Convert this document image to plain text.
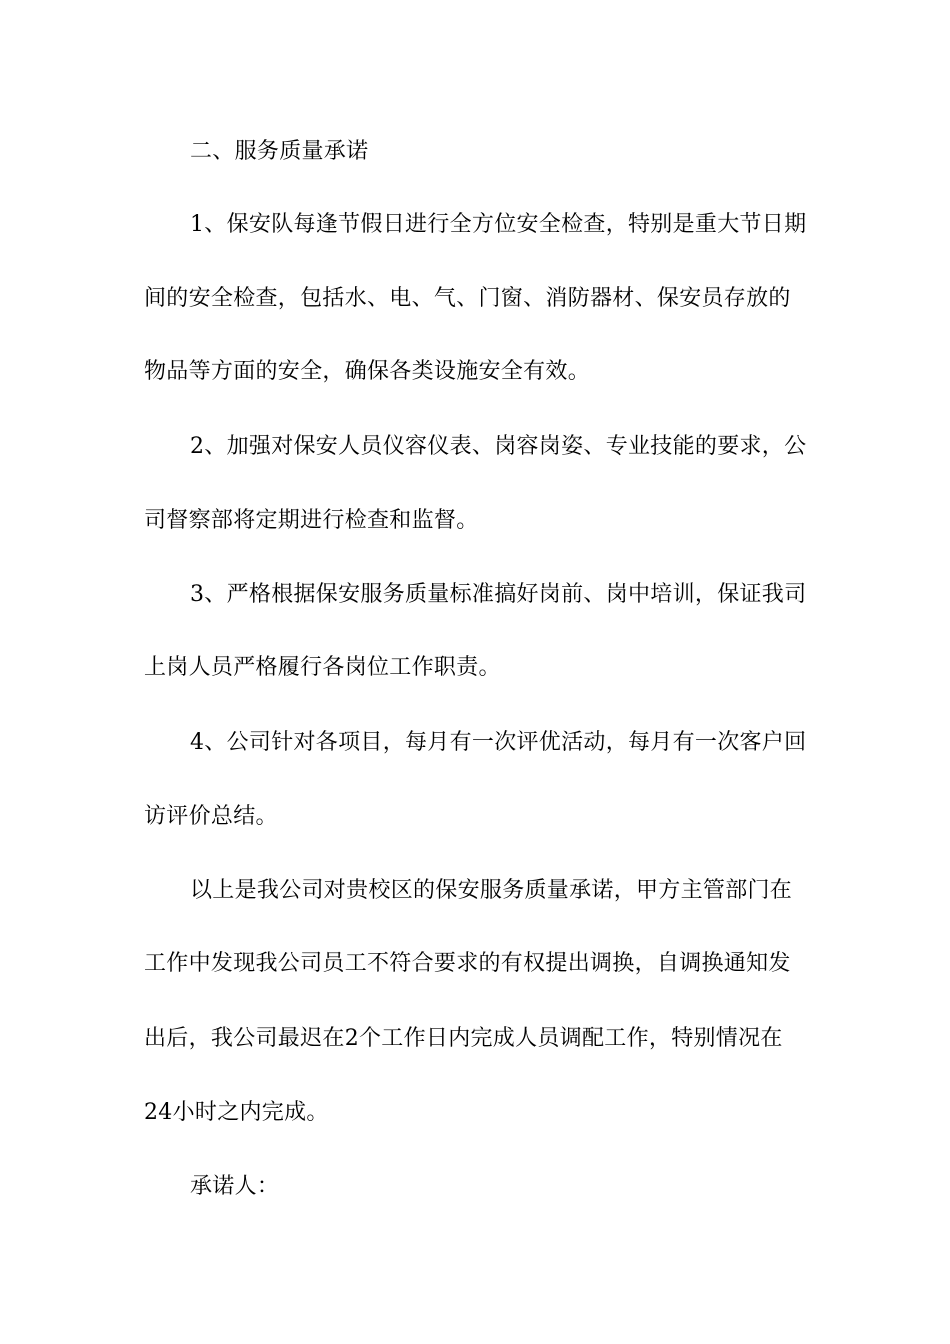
二、服务质量承诺
1、保安队每逢节假日进行全方位安全检查，特别是重大节日期
间的安全检查，包括水、电、气、门窗、消防器材、保安员存放的
物品等方面的安全，确保各类设施安全有效。
2、加强对保安人员仪容仪表、岗容岗姿、专业技能的要求，公
司督察部将定期进行检查和监督。
3、严格根据保安服务质量标准搞好岗前、岗中培训，保证我司
上岗人员严格履行各岗位工作职责。
4、公司针对各项目，每月有一次评优活动，每月有一次客户回
访评价总结。
以上是我公司对贵校区的保安服务质量承诺，甲方主管部门在
工作中发现我公司员工不符合要求的有权提出调换，自调换通知发
出后，我公司最迟在2个工作日内完成人员调配工作，特别情况在
24小时之内完成。
承诺人：
